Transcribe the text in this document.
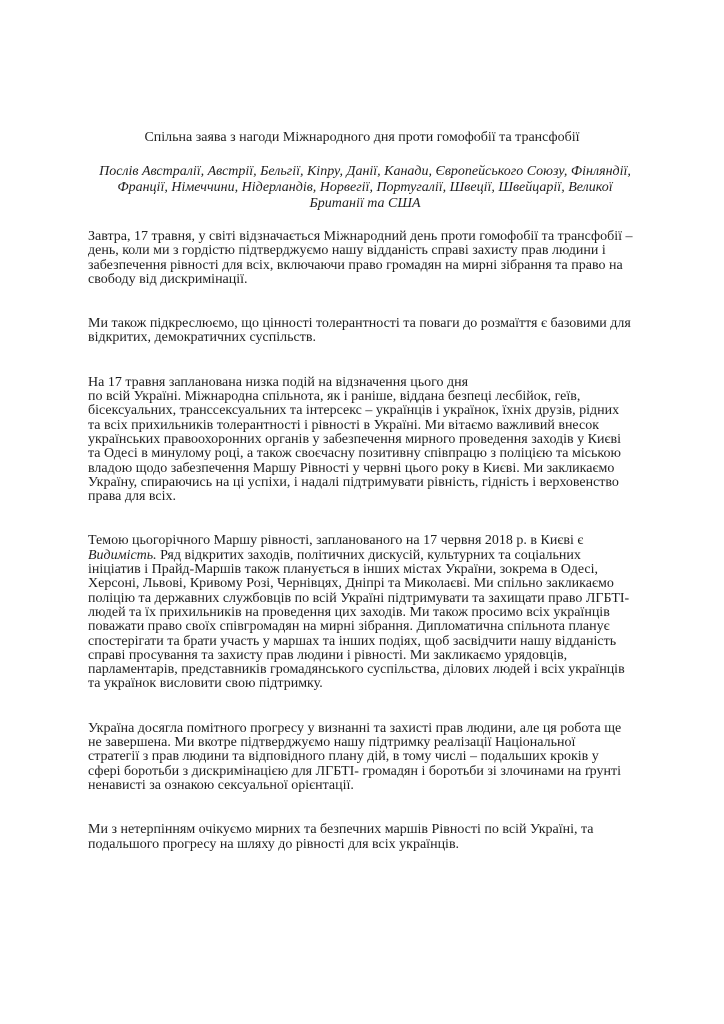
Спільна заява з нагоди Міжнародного дня проти гомофобії та трансфобії
Послів Австралії, Австрії, Бельгії, Кіпру, Данії, Канади, Європейського Союзу, Фінляндії,
Франції, Німеччини, Нідерландів, Норвегії, Португалії, Швеції, Швейцарії, Великої
Британії та США
Завтра, 17 травня, у світі відзначається Міжнародний день проти гомофобії та трансфобії –
день, коли ми з гордістю підтверджуємо нашу відданість справі захисту прав людини і
забезпечення рівності для всіх, включаючи право громадян на мирні зібрання та право на
свободу від дискримінації.
Ми також підкреслюємо, що цінності толерантності та поваги до розмаїття є базовими для
відкритих, демократичних суспільств.
На 17 травня запланована низка подій на відзначення цього дня
по всій Україні. Міжнародна спільнота, як і раніше, віддана безпеці лесбійок, геїв,
бісексуальних, транссексуальних та інтерсекс – українців і українок, їхніх друзів, рідних
та всіх прихильників толерантності і рівності в Україні. Ми вітаємо важливий внесок
українських правоохоронних органів у забезпечення мирного проведення заходів у Києві
та Одесі в минулому році, а також своєчасну позитивну співпрацю з поліцією та міською
владою щодо забезпечення Маршу Рівності у червні цього року в Києві. Ми закликаємо
Україну, спираючись на ці успіхи, і надалі підтримувати рівність, гідність і верховенство
права для всіх.
Темою цьогорічного Маршу рівності, запланованого на 17 червня 2018 р. в Києві є
Видимість. Ряд відкритих заходів, політичних дискусій, культурних та соціальних
ініціатив і Прайд-Маршів також планується в інших містах України, зокрема в Одесі,
Херсоні, Львові, Кривому Розі, Чернівцях, Дніпрі та Миколаєві. Ми спільно закликаємо
поліцію та державних службовців по всій Україні підтримувати та захищати право ЛГБТІ-
людей та їх прихильників на проведення цих заходів. Ми також просимо всіх українців
поважати право своїх співгромадян на мирні зібрання. Дипломатична спільнота планує
спостерігати та брати участь у маршах та інших подіях, щоб засвідчити нашу відданість
справі просування та захисту прав людини і рівності. Ми закликаємо урядовців,
парламентарів, представників громадянського суспільства, ділових людей і всіх українців
та українок висловити свою підтримку.
Україна досягла помітного прогресу у визнанні та захисті прав людини, але ця робота ще
не завершена. Ми вкотре підтверджуємо нашу підтримку реалізації Національної
стратегії з прав людини та відповідного плану дій, в тому числі – подальших кроків у
сфері боротьби з дискримінацією для ЛГБТІ- громадян і боротьби зі злочинами на ґрунті
ненависті за ознакою сексуальної орієнтації.
Ми з нетерпінням очікуємо мирних та безпечних маршів Рівності по всій Україні, та
подальшого прогресу на шляху до рівності для всіх українців.
